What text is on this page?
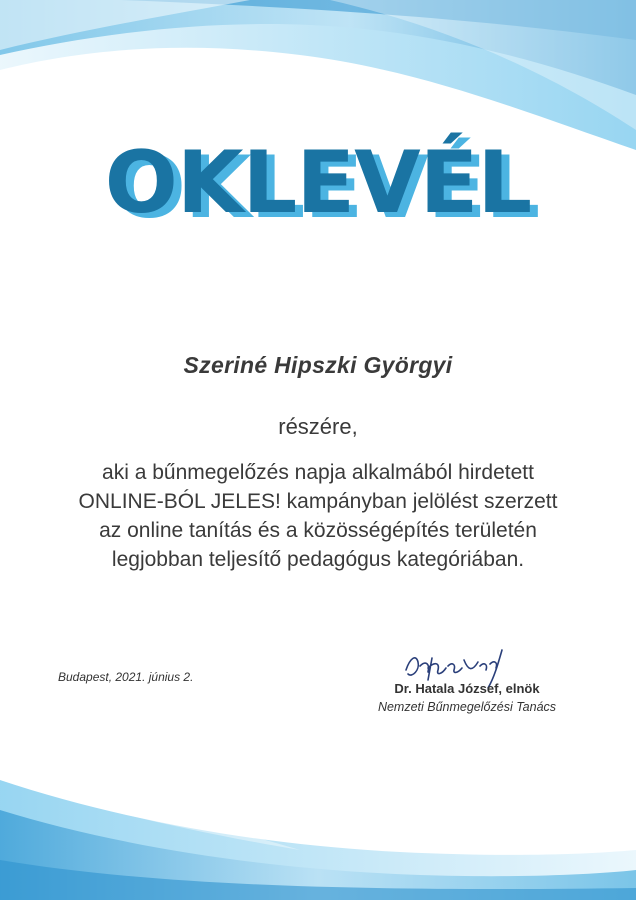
OKLEVÉL
Szeriné Hipszki Györgyi
részére,
aki a bűnmegelőzés napja alkalmából hirdetett
ONLINE-BÓL JELES! kampányban jelölést szerzett
az online tanítás és a közösségépítés területén
legjobban teljesítő pedagógus kategóriában.
Budapest, 2021. június 2.
Dr. Hatala József, elnök
Nemzeti Bűnmegelőzési Tanács
